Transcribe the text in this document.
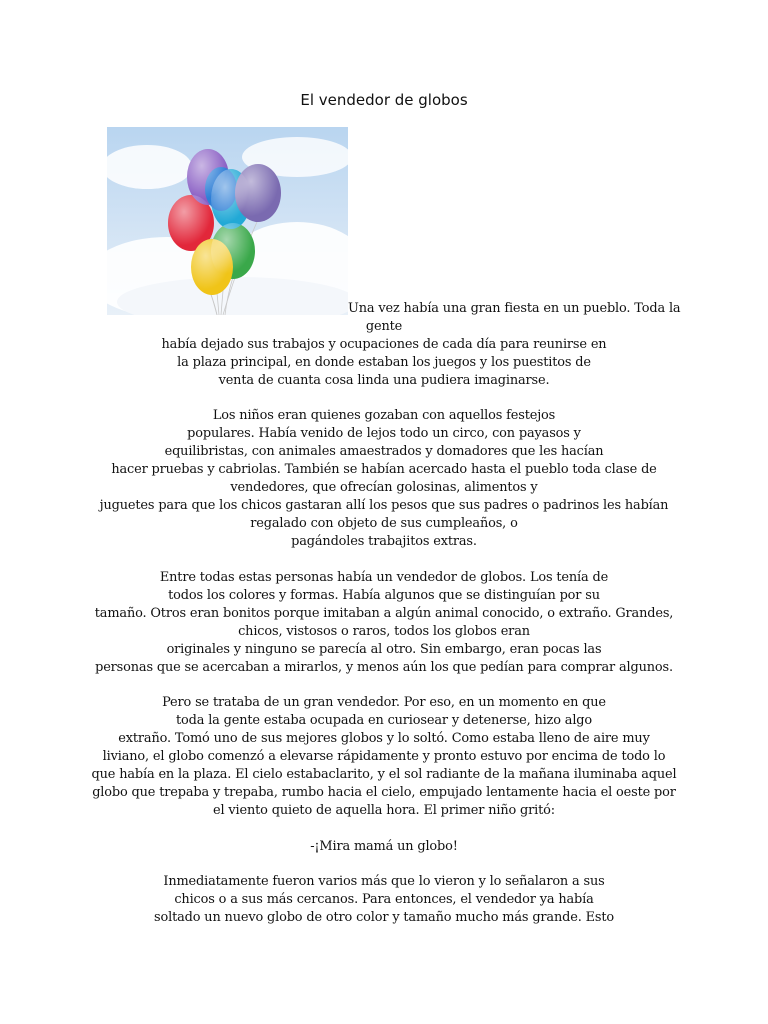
El vendedor de globos
Una vez había una gran fiesta en un pueblo. Toda la
gente
había dejado sus trabajos y ocupaciones de cada día para reunirse en
la plaza principal, en donde estaban los juegos y los puestitos de
venta de cuanta cosa linda una pudiera imaginarse.
Los niños eran quienes gozaban con aquellos festejos
populares. Había venido de lejos todo un circo, con payasos y
equilibristas, con animales amaestrados y domadores que les hacían
hacer pruebas y cabriolas. También se habían acercado hasta el pueblo toda clase de
vendedores, que ofrecían golosinas, alimentos y
juguetes para que los chicos gastaran allí los pesos que sus padres o padrinos les habían
regalado con objeto de sus cumpleaños, o
pagándoles trabajitos extras.
Entre todas estas personas había un vendedor de globos. Los tenía de
todos los colores y formas. Había algunos que se distinguían por su
tamaño. Otros eran bonitos porque imitaban a algún animal conocido, o extraño. Grandes,
chicos, vistosos o raros, todos los globos eran
originales y ninguno se parecía al otro. Sin embargo, eran pocas las
personas que se acercaban a mirarlos, y menos aún los que pedían para comprar algunos.
Pero se trataba de un gran vendedor. Por eso, en un momento en que
toda la gente estaba ocupada en curiosear y detenerse, hizo algo
extraño. Tomó uno de sus mejores globos y lo soltó. Como estaba lleno de aire muy
liviano, el globo comenzó a elevarse rápidamente y pronto estuvo por encima de todo lo
que había en la plaza. El cielo estabaclarito, y el sol radiante de la mañana iluminaba aquel
globo que trepaba y trepaba, rumbo hacia el cielo, empujado lentamente hacia el oeste por
el viento quieto de aquella hora. El primer niño gritó:
-¡Mira mamá un globo!
Inmediatamente fueron varios más que lo vieron y lo señalaron a sus
chicos o a sus más cercanos. Para entonces, el vendedor ya había
soltado un nuevo globo de otro color y tamaño mucho más grande. Esto
